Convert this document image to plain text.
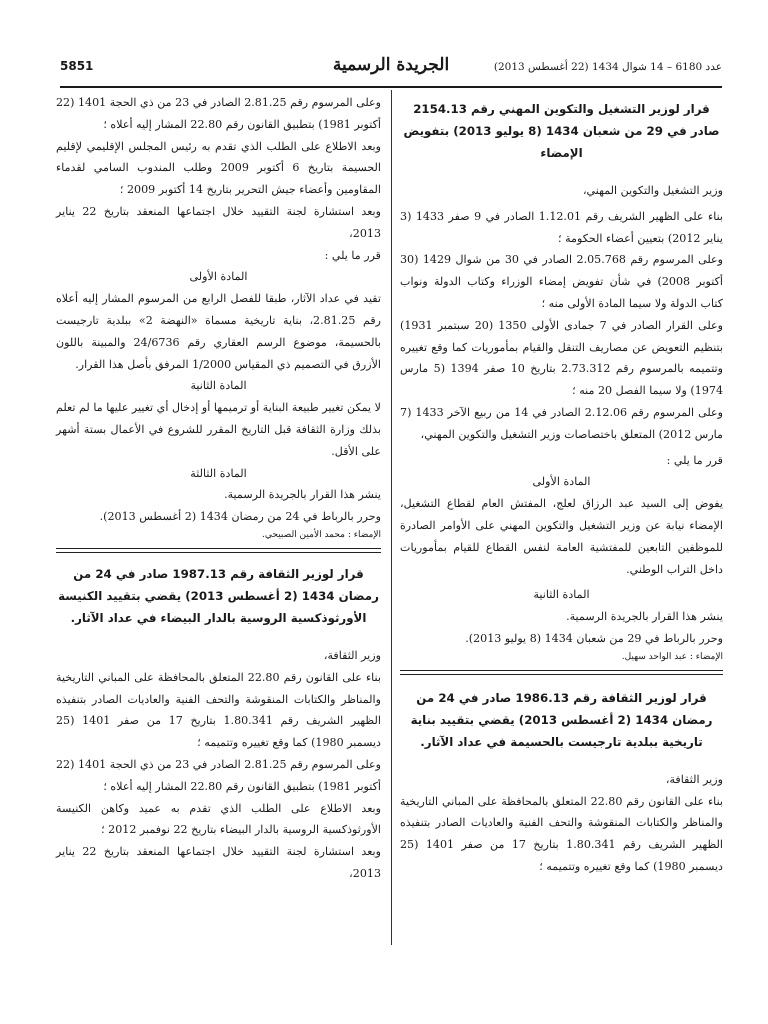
5851	الجريدة الرسمية	عدد 6180 – 14 شوال 1434 (22 أغسطس 2013)

قرار لوزير التشغيل والتكوين المهني رقم 2154.13

صادر في 29 من شعبان 1434 (8 يوليو 2013) بتفويض الإمضاء

وزير التشغيل والتكوين المهني،

بناء على الظهير الشريف رقم 1.12.01 الصادر في 9 صفر 1433 (3 يناير 2012) بتعيين أعضاء الحكومة ؛

وعلى المرسوم رقم 2.05.768 الصادر في 30 من شوال 1429 (30 أكتوبر 2008) في شأن تفويض إمضاء الوزراء وكتاب الدولة ونواب كتاب الدولة ولا سيما المادة الأولى منه ؛

وعلى القرار الصادر في 7 جمادى الأولى 1350 (20 سبتمبر 1931) بتنظيم التعويض عن مصاريف التنقل والقيام بمأموريات كما وقع تغييره وتتميمه بالمرسوم رقم 2.73.312 بتاريخ 10 صفر 1394 (5 مارس 1974) ولا سيما الفصل 20 منه ؛

وعلى المرسوم رقم 2.12.06 الصادر في 14 من ربيع الآخر 1433 (7 مارس 2012) المتعلق باختصاصات وزير التشغيل والتكوين المهني،

قرر ما يلي :

المادة الأولى

يفوض إلى السيد عبد الرزاق لعلج، المفتش العام لقطاع التشغيل، الإمضاء نيابة عن وزير التشغيل والتكوين المهني على الأوامر الصادرة للموظفين التابعين للمفتشية العامة لنفس القطاع للقيام بمأموريات داخل التراب الوطني.

المادة الثانية

ينشر هذا القرار بالجريدة الرسمية.

وحرر بالرباط في 29 من شعبان 1434 (8 يوليو 2013).

الإمضاء : عبد الواحد سهيل.

قرار لوزير الثقافة رقم 1986.13 صادر في 24 من رمضان 1434 (2 أغسطس 2013) يقضي بتقييد بناية تاريخية ببلدية تارجيست بالحسيمة في عداد الآثار.

وزير الثقافة،

بناء على القانون رقم 22.80 المتعلق بالمحافظة على المباني التاريخية والمناظر والكتابات المنقوشة والتحف الفنية والعاديات الصادر بتنفيذه الظهير الشريف رقم 1.80.341 بتاريخ 17 من صفر 1401 (25 ديسمبر 1980) كما وقع تغييره وتتميمه ؛

وعلى المرسوم رقم 2.81.25 الصادر في 23 من ذي الحجة 1401 (22 أكتوبر 1981) بتطبيق القانون رقم 22.80 المشار إليه أعلاه ؛

وبعد الاطلاع على الطلب الذي تقدم به رئيس المجلس الإقليمي لإقليم الحسيمة بتاريخ 6 أكتوبر 2009 وطلب المندوب السامي لقدماء المقاومين وأعضاء جيش التحرير بتاريخ 14 أكتوبر 2009 ؛

وبعد استشارة لجنة التقييد خلال اجتماعها المنعقد بتاريخ 22 يناير 2013،

قرر ما يلي :

المادة الأولى

تقيد في عداد الآثار، طبقا للفصل الرابع من المرسوم المشار إليه أعلاه رقم 2.81.25، بناية تاريخية مسماة «النهضة 2» ببلدية تارجيست بالحسيمة، موضوع الرسم العقاري رقم 24/6736 والمبينة باللون الأزرق في التصميم ذي المقياس 1/2000 المرفق بأصل هذا القرار.

المادة الثانية

لا يمكن تغيير طبيعة البناية أو ترميمها أو إدخال أي تغيير عليها ما لم تعلم بذلك وزارة الثقافة قبل التاريخ المقرر للشروع في الأعمال بستة أشهر على الأقل.

المادة الثالثة

ينشر هذا القرار بالجريدة الرسمية.

وحرر بالرباط في 24 من رمضان 1434 (2 أغسطس 2013).

الإمضاء : محمد الأمين الصبيحي.

قرار لوزير الثقافة رقم 1987.13 صادر في 24 من رمضان 1434 (2 أغسطس 2013) يقضي بتقييد الكنيسة الأورثوذكسية الروسية بالدار البيضاء في عداد الآثار.

وزير الثقافة،

بناء على القانون رقم 22.80 المتعلق بالمحافظة على المباني التاريخية والمناظر والكتابات المنقوشة والتحف الفنية والعاديات الصادر بتنفيذه الظهير الشريف رقم 1.80.341 بتاريخ 17 من صفر 1401 (25 ديسمبر 1980) كما وقع تغييره وتتميمه ؛

وعلى المرسوم رقم 2.81.25 الصادر في 23 من ذي الحجة 1401 (22 أكتوبر 1981) بتطبيق القانون رقم 22.80 المشار إليه أعلاه ؛

وبعد الاطلاع على الطلب الذي تقدم به عميد وكاهن الكنيسة الأورثوذكسية الروسية بالدار البيضاء بتاريخ 22 نوفمبر 2012 ؛

وبعد استشارة لجنة التقييد خلال اجتماعها المنعقد بتاريخ 22 يناير 2013،
